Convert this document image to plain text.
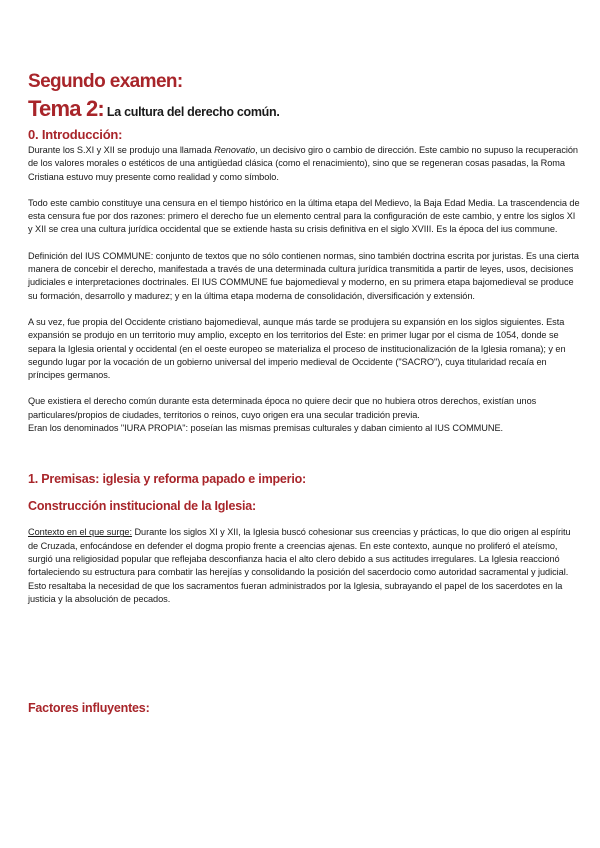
Segundo examen:
Tema 2: La cultura del derecho común.
0. Introducción:

Durante los S.XI y XII se produjo una llamada Renovatio, un decisivo giro o cambio de dirección. Este cambio no supuso la recuperación de los valores morales o estéticos de una antigüedad clásica (como el renacimiento), sino que se regeneran cosas pasadas, la Roma Cristiana estuvo muy presente como realidad y como símbolo.

Todo este cambio constituye una censura en el tiempo histórico en la última etapa del Medievo, la Baja Edad Media. La trascendencia de esta censura fue por dos razones: primero el derecho fue un elemento central para la configuración de este cambio, y entre los siglos XI y XII se crea una cultura jurídica occidental que se extiende hasta su crisis definitiva en el siglo XVIII. Es la época del ius commune.

Definición del IUS COMMUNE: conjunto de textos que no sólo contienen normas, sino también doctrina escrita por juristas. Es una cierta manera de concebir el derecho, manifestada a través de una determinada cultura jurídica transmitida a partir de leyes, usos, decisiones judiciales e interpretaciones doctrinales. El IUS COMMUNE fue bajomedieval y moderno, en su primera etapa bajomedieval se produce su formación, desarrollo y madurez; y en la última etapa moderna de consolidación, diversificación y extensión.

A su vez, fue propia del Occidente cristiano bajomedieval, aunque más tarde se produjera su expansión en los siglos siguientes. Esta expansión se produjo en un territorio muy amplio, excepto en los territorios del Este: en primer lugar por el cisma de 1054, donde se separa la Iglesia oriental y occidental (en el oeste europeo se materializa el proceso de institucionalización de la Iglesia romana); y en segundo lugar por la vocación de un gobierno universal del imperio medieval de Occidente ("SACRO"), cuya titularidad recaía en príncipes germanos.

Que existiera el derecho común durante esta determinada época no quiere decir que no hubiera otros derechos, existían unos particulares/propios de ciudades, territorios o reinos, cuyo origen era una secular tradición previa.

Eran los denominados "IURA PROPIA": poseían las mismas premisas culturales y daban cimiento al IUS COMMUNE.

1. Premisas: iglesia y reforma papado e imperio:
Construcción institucional de la Iglesia:

Contexto en el que surge: Durante los siglos XI y XII, la Iglesia buscó cohesionar sus creencias y prácticas, lo que dio origen al espíritu de Cruzada, enfocándose en defender el dogma propio frente a creencias ajenas. En este contexto, aunque no proliferó el ateísmo, surgió una religiosidad popular que reflejaba desconfianza hacia el alto clero debido a sus actitudes irregulares. La Iglesia reaccionó fortaleciendo su estructura para combatir las herejías y consolidando la posición del sacerdocio como autoridad sacramental y judicial. Esto resaltaba la necesidad de que los sacramentos fueran administrados por la Iglesia, subrayando el papel de los sacerdotes en la justicia y la absolución de pecados.

Factores influyentes:
